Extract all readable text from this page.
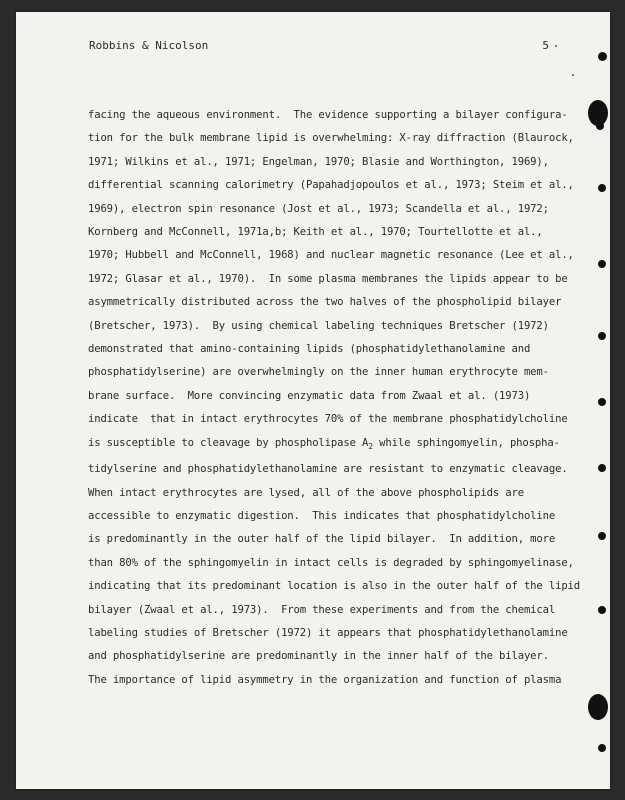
Robbins & Nicolson	5
facing the aqueous environment.  The evidence supporting a bilayer configura-
tion for the bulk membrane lipid is overwhelming: X-ray diffraction (Blaurock,
1971; Wilkins et al., 1971; Engelman, 1970; Blasie and Worthington, 1969),
differential scanning calorimetry (Papahadjopoulos et al., 1973; Steim et al.,
1969), electron spin resonance (Jost et al., 1973; Scandella et al., 1972;
Kornberg and McConnell, 1971a,b; Keith et al., 1970; Tourtellotte et al.,
1970; Hubbell and McConnell, 1968) and nuclear magnetic resonance (Lee et al.,
1972; Glasar et al., 1970).  In some plasma membranes the lipids appear to be
asymmetrically distributed across the two halves of the phospholipid bilayer
(Bretscher, 1973).  By using chemical labeling techniques Bretscher (1972)
demonstrated that amino-containing lipids (phosphatidylethanolamine and
phosphatidylserine) are overwhelmingly on the inner human erythrocyte mem-
brane surface.  More convincing enzymatic data from Zwaal et al. (1973)
indicate  that in intact erythrocytes 70% of the membrane phosphatidylcholine
is susceptible to cleavage by phospholipase $A_2$ while sphingomyelin, phospha-
tidylserine and phosphatidylethanolamine are resistant to enzymatic cleavage.
When intact erythrocytes are lysed, all of the above phospholipids are
accessible to enzymatic digestion.  This indicates that phosphatidylcholine
is predominantly in the outer half of the lipid bilayer.  In addition, more
than 80% of the sphingomyelin in intact cells is degraded by sphingomyelinase,
indicating that its predominant location is also in the outer half of the lipid
bilayer (Zwaal et al., 1973).  From these experiments and from the chemical
labeling studies of Bretscher (1972) it appears that phosphatidylethanolamine
and phosphatidylserine are predominantly in the inner half of the bilayer.
The importance of lipid asymmetry in the organization and function of plasma
